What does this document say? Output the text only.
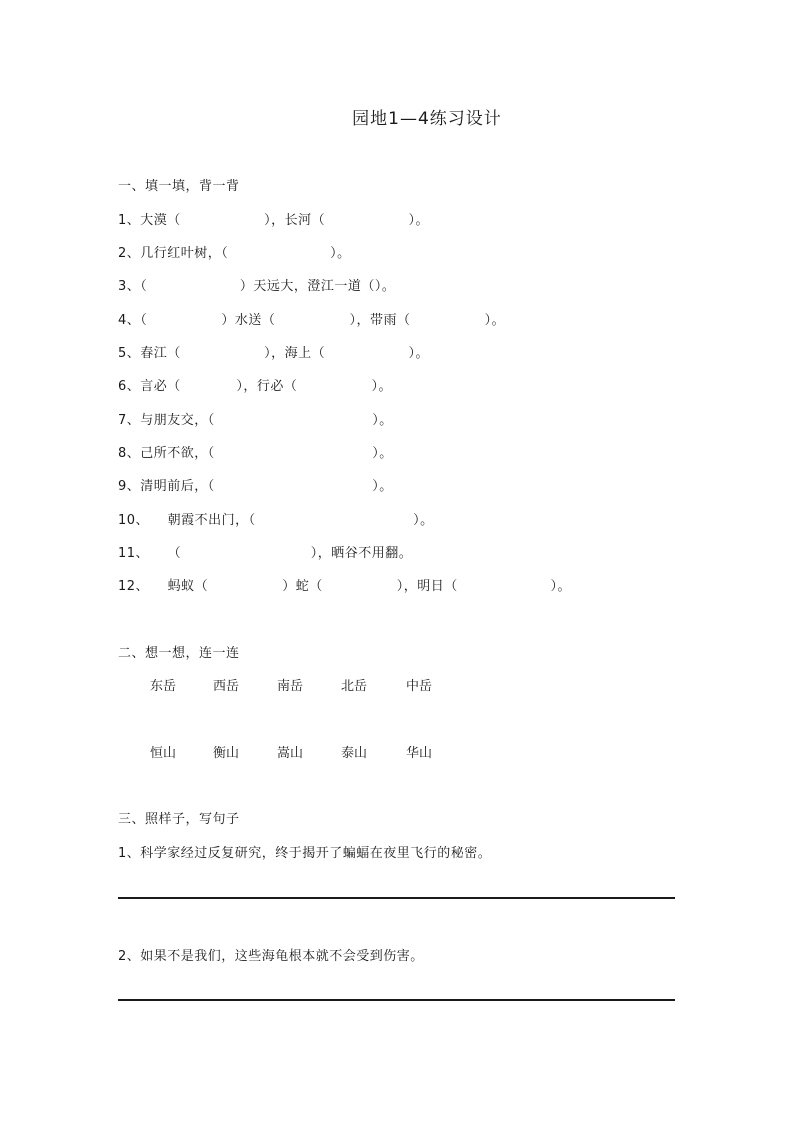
园地1—4练习设计
一、填一填，背一背
1、大漠（                  ），长河（                  ）。
2、几行红叶树，（                      ）。
3、（                    ）天远大，澄江一道（）。
4、（                ）水送（                ），带雨（                ）。
5、春江（                  ），海上（                  ）。
6、言必（            ），行必（                ）。
7、与朋友交，（                                  ）。
8、己所不欲，（                                  ）。
9、清明前后，（                                  ）。
10、    朝霞不出门，（                                  ）。
11、    （                            ），晒谷不用翻。
12、    蚂蚁（                ）蛇（                ），明日（                    ）。
二、想一想，连一连
东岳	西岳	南岳	北岳	中岳
恒山	衡山	嵩山	泰山	华山
三、照样子，写句子
1、科学家经过反复研究，终于揭开了蝙蝠在夜里飞行的秘密。
2、如果不是我们，这些海龟根本就不会受到伤害。
